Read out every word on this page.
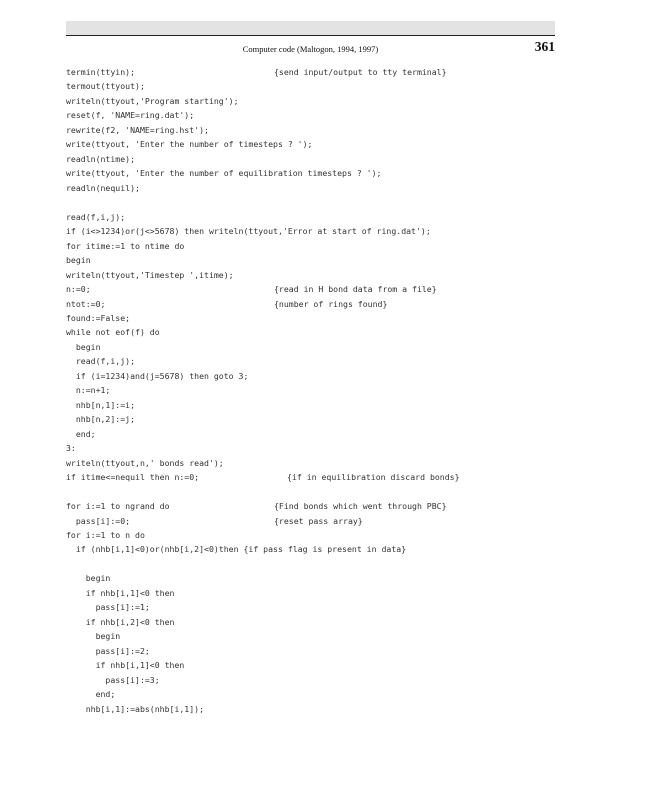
Computer code (Maltogon, 1994, 1997)	361
termin(ttyin);	{send input/output to tty terminal}
termout(ttyout);
writeln(ttyout,'Program starting');
reset(f, 'NAME=ring.dat');
rewrite(f2, 'NAME=ring.hst');
write(ttyout, 'Enter the number of timesteps ? ');
readln(ntime);
write(ttyout, 'Enter the number of equilibration timesteps ? ');
readln(nequil);
read(f,i,j);
if (i<>1234)or(j<>5678) then writeln(ttyout,'Error at start of ring.dat');
for itime:=1 to ntime do
begin
writeln(ttyout,'Timestep ',itime);
n:=0;	{read in H bond data from a file}
ntot:=0;	{number of rings found}
found:=False;
while not eof(f) do
begin
read(f,i,j);
if (i=1234)and(j=5678) then goto 3;
n:=n+1;
nhb[n,1]:=i;
nhb[n,2]:=j;
end;
3:
writeln(ttyout,n,' bonds read');
if itime<=nequil then n:=0;	{if in equilibration discard bonds}
for i:=1 to ngrand do	{Find bonds which went through PBC}
pass[i]:=0;	{reset pass array}
for i:=1 to n do
if (nhb[i,1]<0)or(nhb[i,2]<0)then {if pass flag is present in data}
begin
if nhb[i,1]<0 then
pass[i]:=1;
if nhb[i,2]<0 then
begin
pass[i]:=2;
if nhb[i,1]<0 then
pass[i]:=3;
end;
nhb[i,1]:=abs(nhb[i,1]);
